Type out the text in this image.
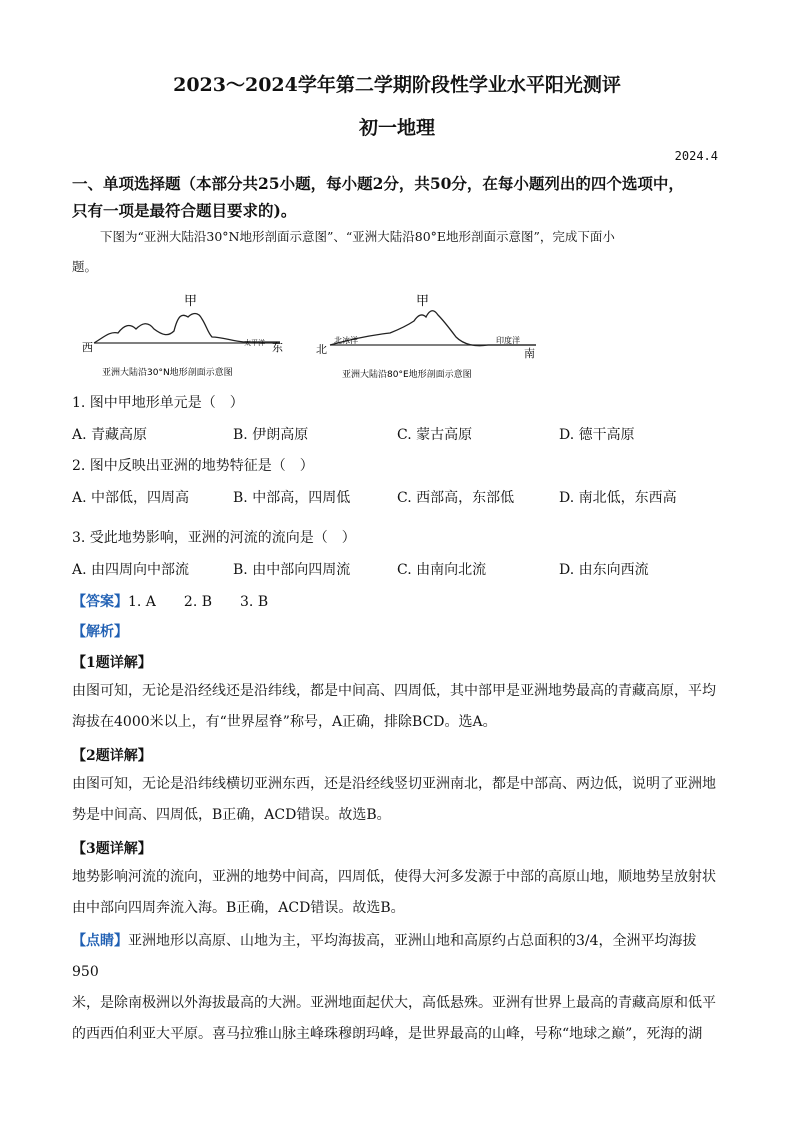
2023～2024学年第二学期阶段性学业水平阳光测评
初一地理
2024.4
一、单项选择题（本部分共25小题，每小题2分，共50分，在每小题列出的四个选项中，
只有一项是最符合题目要求的)。
下图为“亚洲大陆沿30°N地形剖面示意图”、“亚洲大陆沿80°E地形剖面示意图”，完成下面小
题。
甲
西	东
太平洋
亚洲大陆沿30°N地形剖面示意图
甲
北	南
北冰洋	印度洋
亚洲大陆沿80°E地形剖面示意图
1. 图中甲地形单元是（　）
A. 青藏高原	B. 伊朗高原	C. 蒙古高原	D. 德干高原
2. 图中反映出亚洲的地势特征是（　）
A. 中部低，四周高	B. 中部高，四周低	C. 西部高，东部低	D. 南北低，东西高
3. 受此地势影响，亚洲的河流的流向是（　）
A. 由四周向中部流	B. 由中部向四周流	C. 由南向北流	D. 由东向西流
【答案】1. A　　2. B　　3. B
【解析】
【1题详解】
由图可知，无论是沿经线还是沿纬线，都是中间高、四周低，其中部甲是亚洲地势最高的青藏高原，平均
海拔在4000米以上，有“世界屋脊”称号，A正确，排除BCD。选A。
【2题详解】
由图可知，无论是沿纬线横切亚洲东西，还是沿经线竖切亚洲南北，都是中部高、两边低，说明了亚洲地
势是中间高、四周低，B正确，ACD错误。故选B。
【3题详解】
地势影响河流的流向，亚洲的地势中间高，四周低，使得大河多发源于中部的高原山地，顺地势呈放射状
由中部向四周奔流入海。B正确，ACD错误。故选B。
【点睛】亚洲地形以高原、山地为主，平均海拔高，亚洲山地和高原约占总面积的3/4，全洲平均海拔950
米，是除南极洲以外海拔最高的大洲。亚洲地面起伏大，高低悬殊。亚洲有世界上最高的青藏高原和低平
的西西伯利亚大平原。喜马拉雅山脉主峰珠穆朗玛峰，是世界最高的山峰，号称“地球之巅”，死海的湖
